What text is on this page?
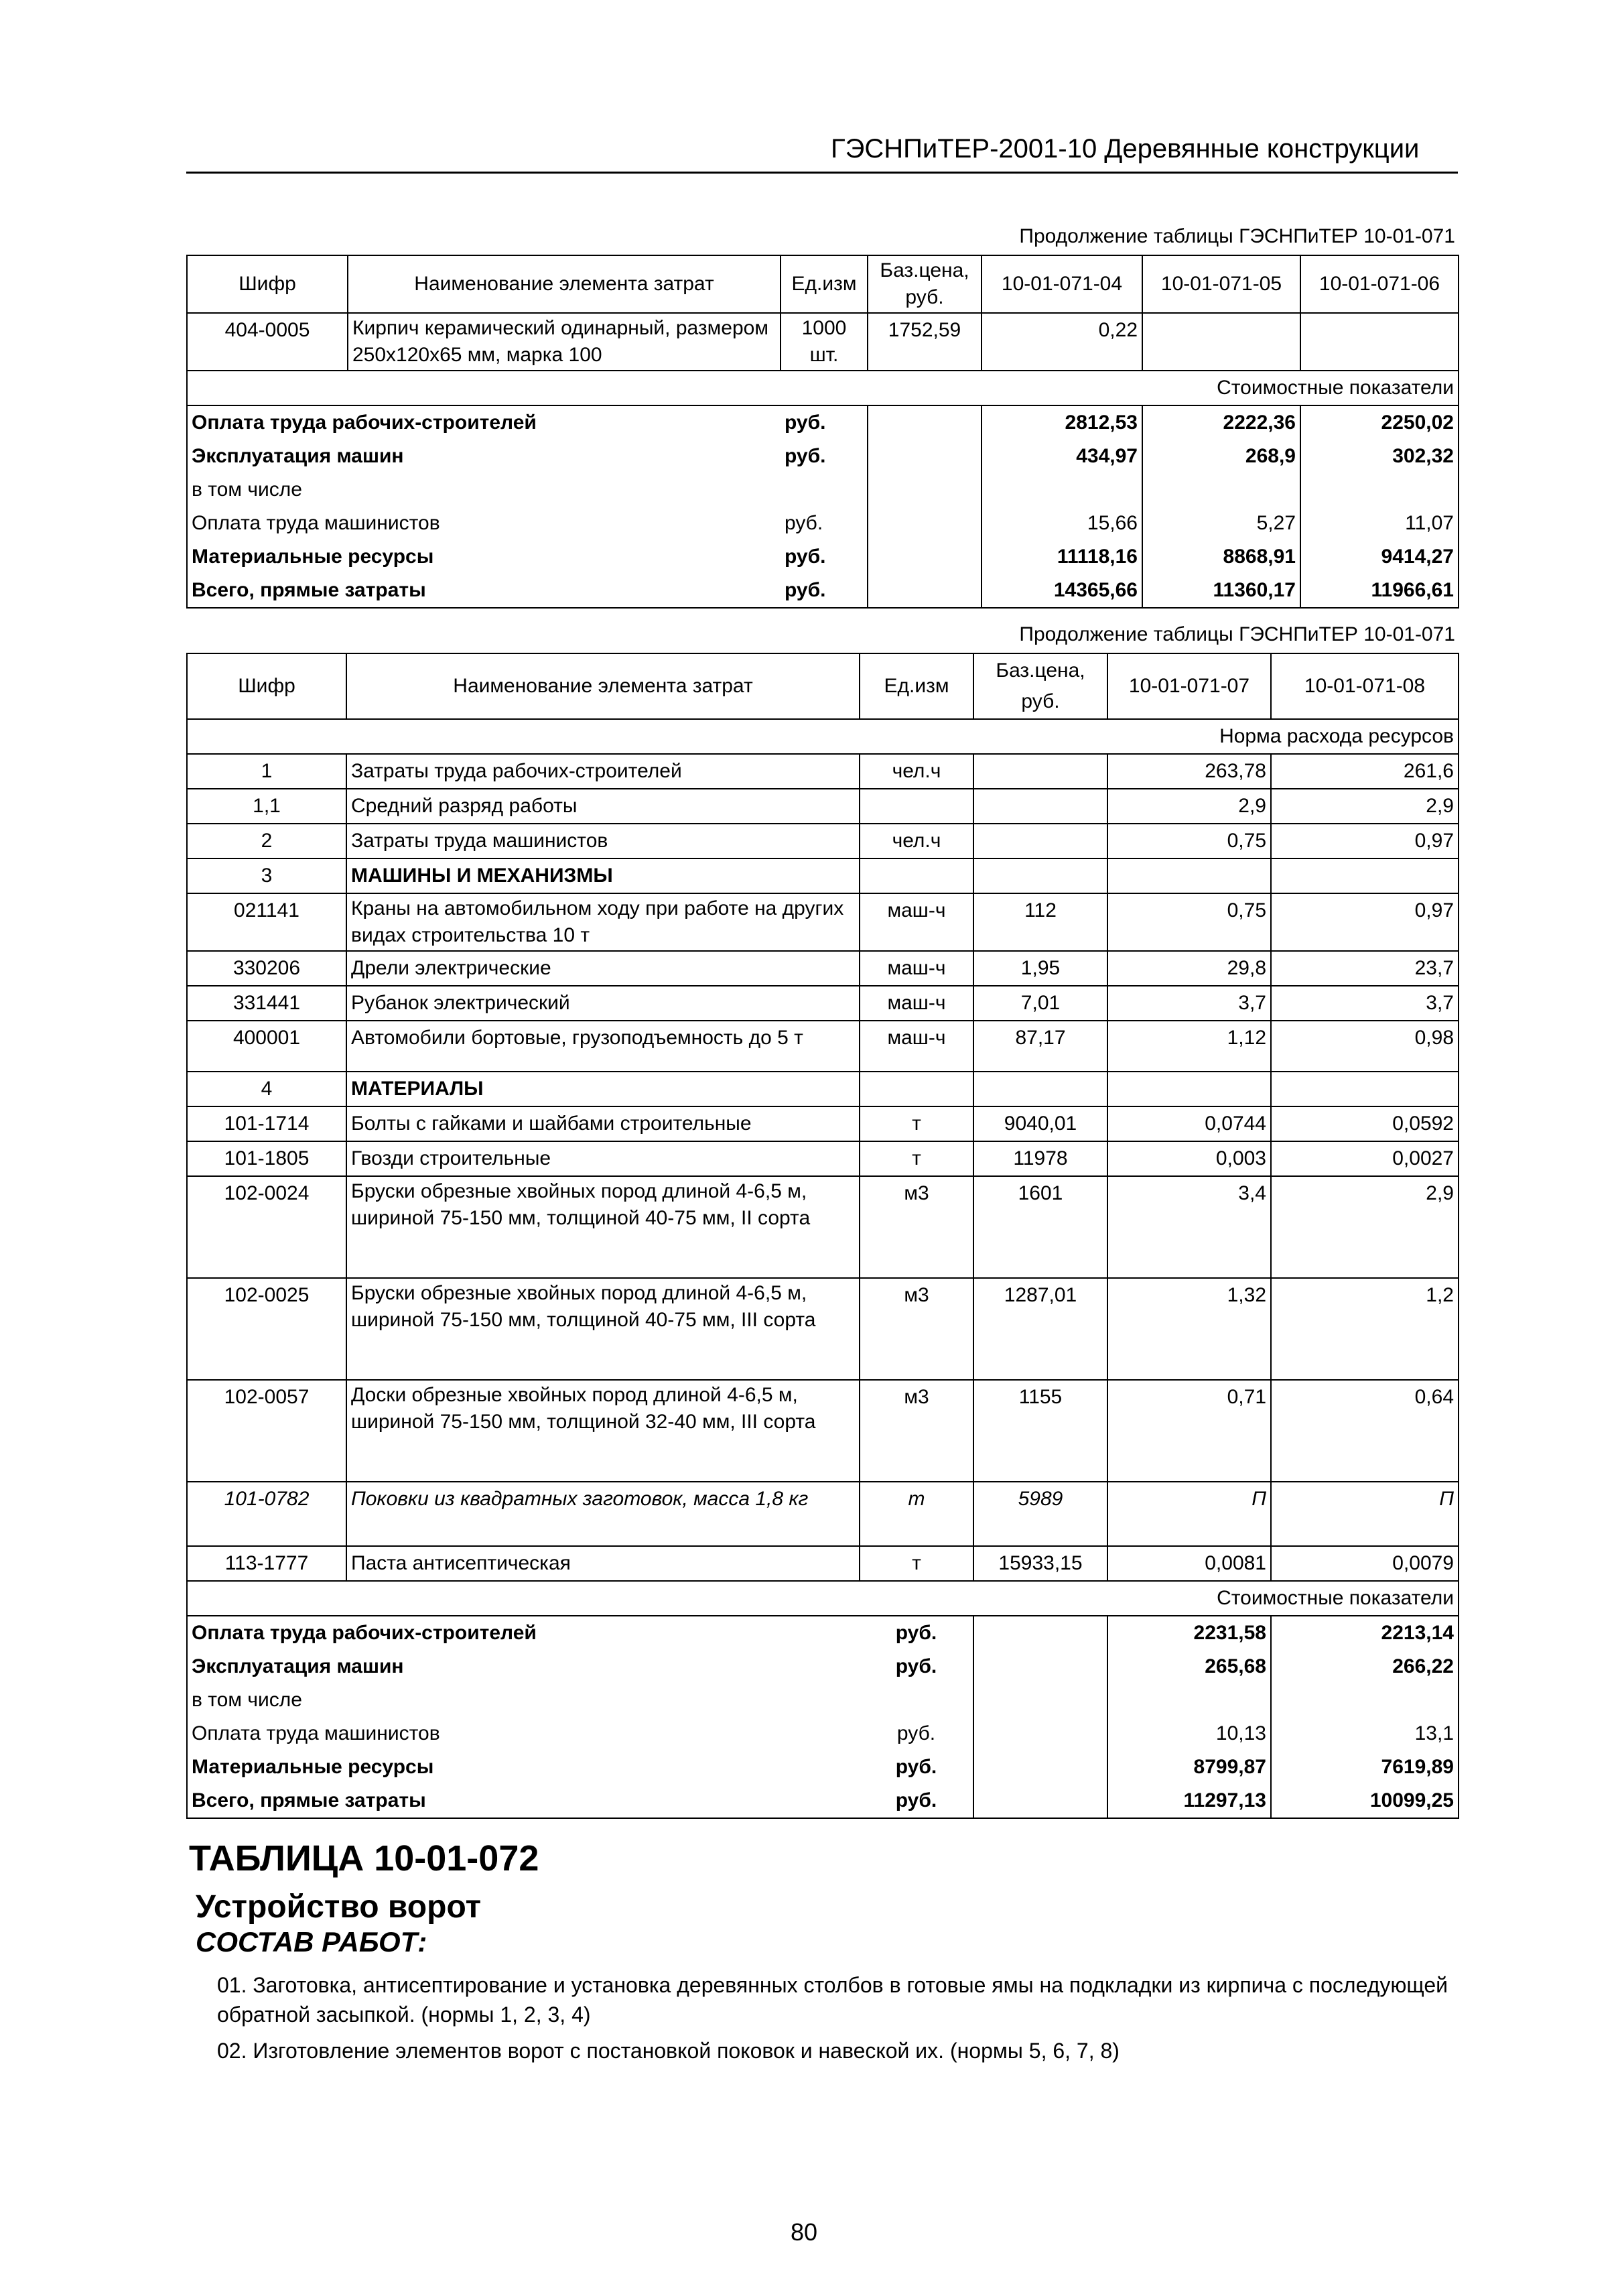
ГЭСНПиТЕР-2001-10 Деревянные конструкции
Продолжение таблицы ГЭСНПиТЕР 10-01-071
Шифр	Наименование элемента затрат	Ед.изм	Баз.цена, руб.	10-01-071-04	10-01-071-05	10-01-071-06
404-0005	Кирпич керамический одинарный, размером 250х120х65 мм, марка 100	1000 шт.	1752,59	0,22		
Стоимостные показатели						
Оплата труда рабочих-строителей		руб.		2812,53	2222,36	2250,02
Эксплуатация машин		руб.		434,97	268,9	302,32
в том числе						
Оплата труда машинистов		руб.		15,66	5,27	11,07
Материальные ресурсы		руб.		11118,16	8868,91	9414,27
Всего, прямые затраты		руб.		14365,66	11360,17	11966,61
Продолжение таблицы ГЭСНПиТЕР 10-01-071
Шифр	Наименование элемента затрат	Ед.изм	Баз.цена, руб.	10-01-071-07	10-01-071-08
Норма расхода ресурсов					
1	Затраты труда рабочих-строителей	чел.ч		263,78	261,6
1,1	Средний разряд работы			2,9	2,9
2	Затраты труда машинистов	чел.ч		0,75	0,97
3	МАШИНЫ И МЕХАНИЗМЫ				
021141	Краны на автомобильном ходу при работе на других видах строительства 10 т	маш-ч	112	0,75	0,97
330206	Дрели электрические	маш-ч	1,95	29,8	23,7
331441	Рубанок электрический	маш-ч	7,01	3,7	3,7
400001	Автомобили бортовые, грузоподъемность до 5 т	маш-ч	87,17	1,12	0,98
4	МАТЕРИАЛЫ				
101-1714	Болты с гайками и шайбами строительные	т	9040,01	0,0744	0,0592
101-1805	Гвозди строительные	т	11978	0,003	0,0027
102-0024	Бруски обрезные хвойных пород длиной 4-6,5 м, шириной 75-150 мм, толщиной 40-75 мм, II сорта	м3	1601	3,4	2,9
102-0025	Бруски обрезные хвойных пород длиной 4-6,5 м, шириной 75-150 мм, толщиной 40-75 мм, III сорта	м3	1287,01	1,32	1,2
102-0057	Доски обрезные хвойных пород длиной 4-6,5 м, шириной 75-150 мм, толщиной 32-40 мм, III сорта	м3	1155	0,71	0,64
101-0782	Поковки из квадратных заготовок, масса 1,8 кг	т	5989	П	П
113-1777	Паста антисептическая	т	15933,15	0,0081	0,0079
Стоимостные показатели					
Оплата труда рабочих-строителей		руб.		2231,58	2213,14
Эксплуатация машин		руб.		265,68	266,22
в том числе					
Оплата труда машинистов		руб.		10,13	13,1
Материальные ресурсы		руб.		8799,87	7619,89
Всего, прямые затраты		руб.		11297,13	10099,25
ТАБЛИЦА 10-01-072
Устройство ворот
СОСТАВ РАБОТ:
01. Заготовка, антисептирование и установка деревянных столбов в готовые ямы на подкладки из кирпича с последующей обратной засыпкой. (нормы 1, 2, 3, 4)
02. Изготовление элементов ворот с постановкой поковок и навеской их. (нормы 5, 6, 7, 8)
80
